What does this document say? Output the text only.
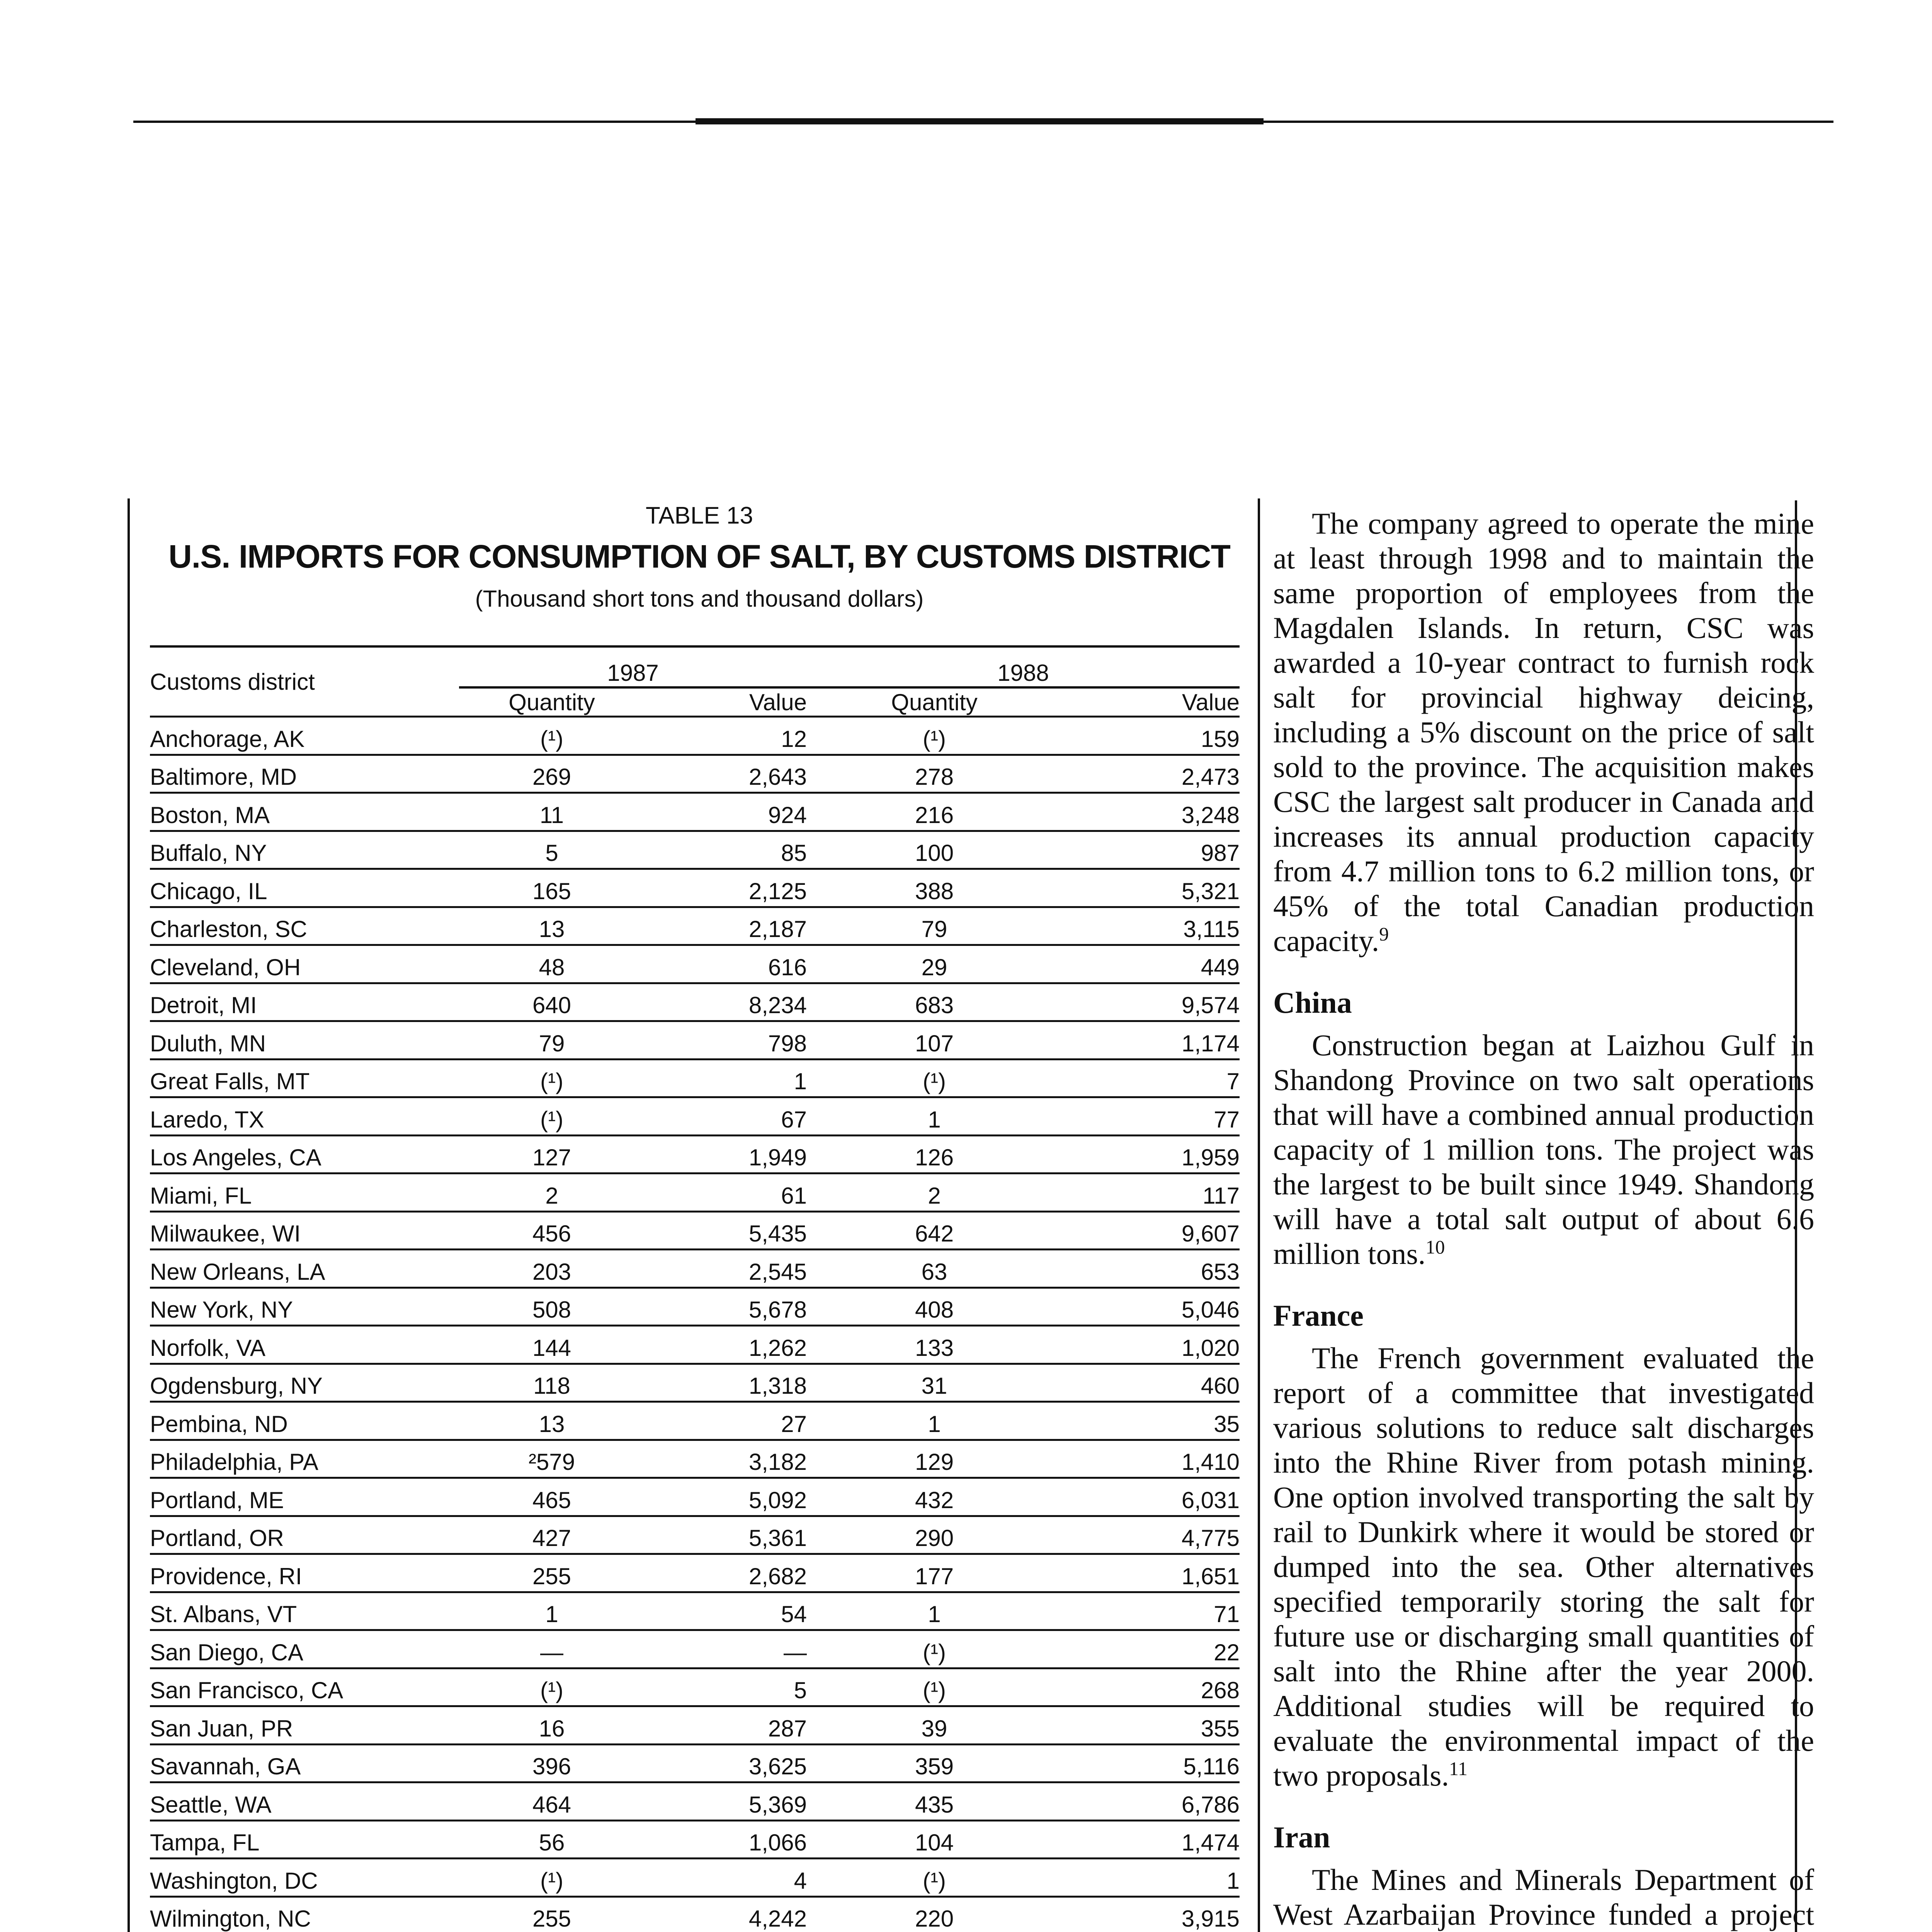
TABLE 13
U.S. IMPORTS FOR CONSUMPTION OF SALT, BY CUSTOMS DISTRICT
(Thousand short tons and thousand dollars)
Customs district	1987		1988	
	Quantity	Value	Quantity	Value
Anchorage, AK	(¹)	12	(¹)	159
Baltimore, MD	269	2,643	278	2,473
Boston, MA	11	924	216	3,248
Buffalo, NY	5	85	100	987
Chicago, IL	165	2,125	388	5,321
Charleston, SC	13	2,187	79	3,115
Cleveland, OH	48	616	29	449
Detroit, MI	640	8,234	683	9,574
Duluth, MN	79	798	107	1,174
Great Falls, MT	(¹)	1	(¹)	7
Laredo, TX	(¹)	67	1	77
Los Angeles, CA	127	1,949	126	1,959
Miami, FL	2	61	2	117
Milwaukee, WI	456	5,435	642	9,607
New Orleans, LA	203	2,545	63	653
New York, NY	508	5,678	408	5,046
Norfolk, VA	144	1,262	133	1,020
Ogdensburg, NY	118	1,318	31	460
Pembina, ND	13	27	1	35
Philadelphia, PA	²579	3,182	129	1,410
Portland, ME	465	5,092	432	6,031
Portland, OR	427	5,361	290	4,775
Providence, RI	255	2,682	177	1,651
St. Albans, VT	1	54	1	71
San Diego, CA	—	—	(¹)	22
San Francisco, CA	(¹)	5	(¹)	268
San Juan, PR	16	287	39	355
Savannah, GA	396	3,625	359	5,116
Seattle, WA	464	5,369	435	6,786
Tampa, FL	56	1,066	104	1,474
Washington, DC	(¹)	4	(¹)	1
Wilmington, NC	255	4,242	220	3,915

The company agreed to operate the mine at least through 1998 and to maintain the same proportion of employees from the Magdalen Islands. In return, CSC was awarded a 10-year contract to furnish rock salt for provincial highway deicing, including a 5% discount on the price of salt sold to the province. The acquisition makes CSC the largest salt producer in Canada and increases its annual production capacity from 4.7 million tons to 6.2 million tons, or 45% of the total Canadian production capacity.$^9$

China

Construction began at Laizhou Gulf in Shandong Province on two salt operations that will have a combined annual production capacity of 1 million tons. The project was the largest to be built since 1949. Shandong will have a total salt output of about 6.6 million tons.$^{10}$

France

The French government evaluated the report of a committee that investigated various solutions to reduce salt discharges into the Rhine River from potash mining. One option involved transporting the salt by rail to Dunkirk where it would be stored or dumped into the sea. Other alternatives specified temporarily storing the salt for future use or discharging small quantities of salt into the Rhine after the year 2000. Additional studies will be required to evaluate the environmental impact of the two proposals.$^{11}$

Iran

The Mines and Minerals Department of West Azarbaijan Province funded a project
